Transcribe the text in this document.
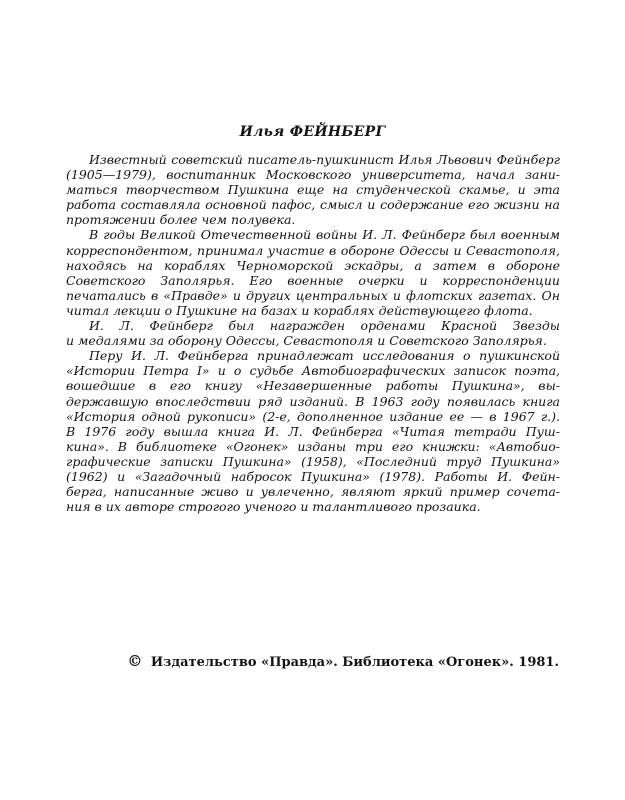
Илья ФЕЙНБЕРГ

Известный советский писатель-пушкинист Илья Львович Фейнберг
(1905—1979), воспитанник Московского университета, начал зани-
маться творчеством Пушкина еще на студенческой скамье, и эта
работа составляла основной пафос, смысл и содержание его жизни на
протяжении более чем полувека.

В годы Великой Отечественной войны И. Л. Фейнберг был военным
корреспондентом, принимал участие в обороне Одессы и Севастополя,
находясь на кораблях Черноморской эскадры, а затем в обороне
Советского Заполярья. Его военные очерки и корреспонденции
печатались в «Правде» и других центральных и флотских газетах. Он
читал лекции о Пушкине на базах и кораблях действующего флота.

И. Л. Фейнберг был награжден орденами Красной Звезды
и медалями за оборону Одессы, Севастополя и Советского Заполярья.

Перу И. Л. Фейнберга принадлежат исследования о пушкинской
«Истории Петра I» и о судьбе Автобиографических записок поэта,
вошедшие в его книгу «Незавершенные работы Пушкина», вы-
державшую впоследствии ряд изданий. В 1963 году появилась книга
«История одной рукописи» (2-е, дополненное издание ее — в 1967 г.).
В 1976 году вышла книга И. Л. Фейнберга «Читая тетради Пуш-
кина». В библиотеке «Огонек» изданы три его книжки: «Автобио-
графические записки Пушкина» (1958), «Последний труд Пушкина»
(1962) и «Загадочный набросок Пушкина» (1978). Работы И. Фейн-
берга, написанные живо и увлеченно, являют яркий пример сочета-
ния в их авторе строгого ученого и талантливого прозаика.

© Издательство «Правда». Библиотека «Огонек». 1981.
